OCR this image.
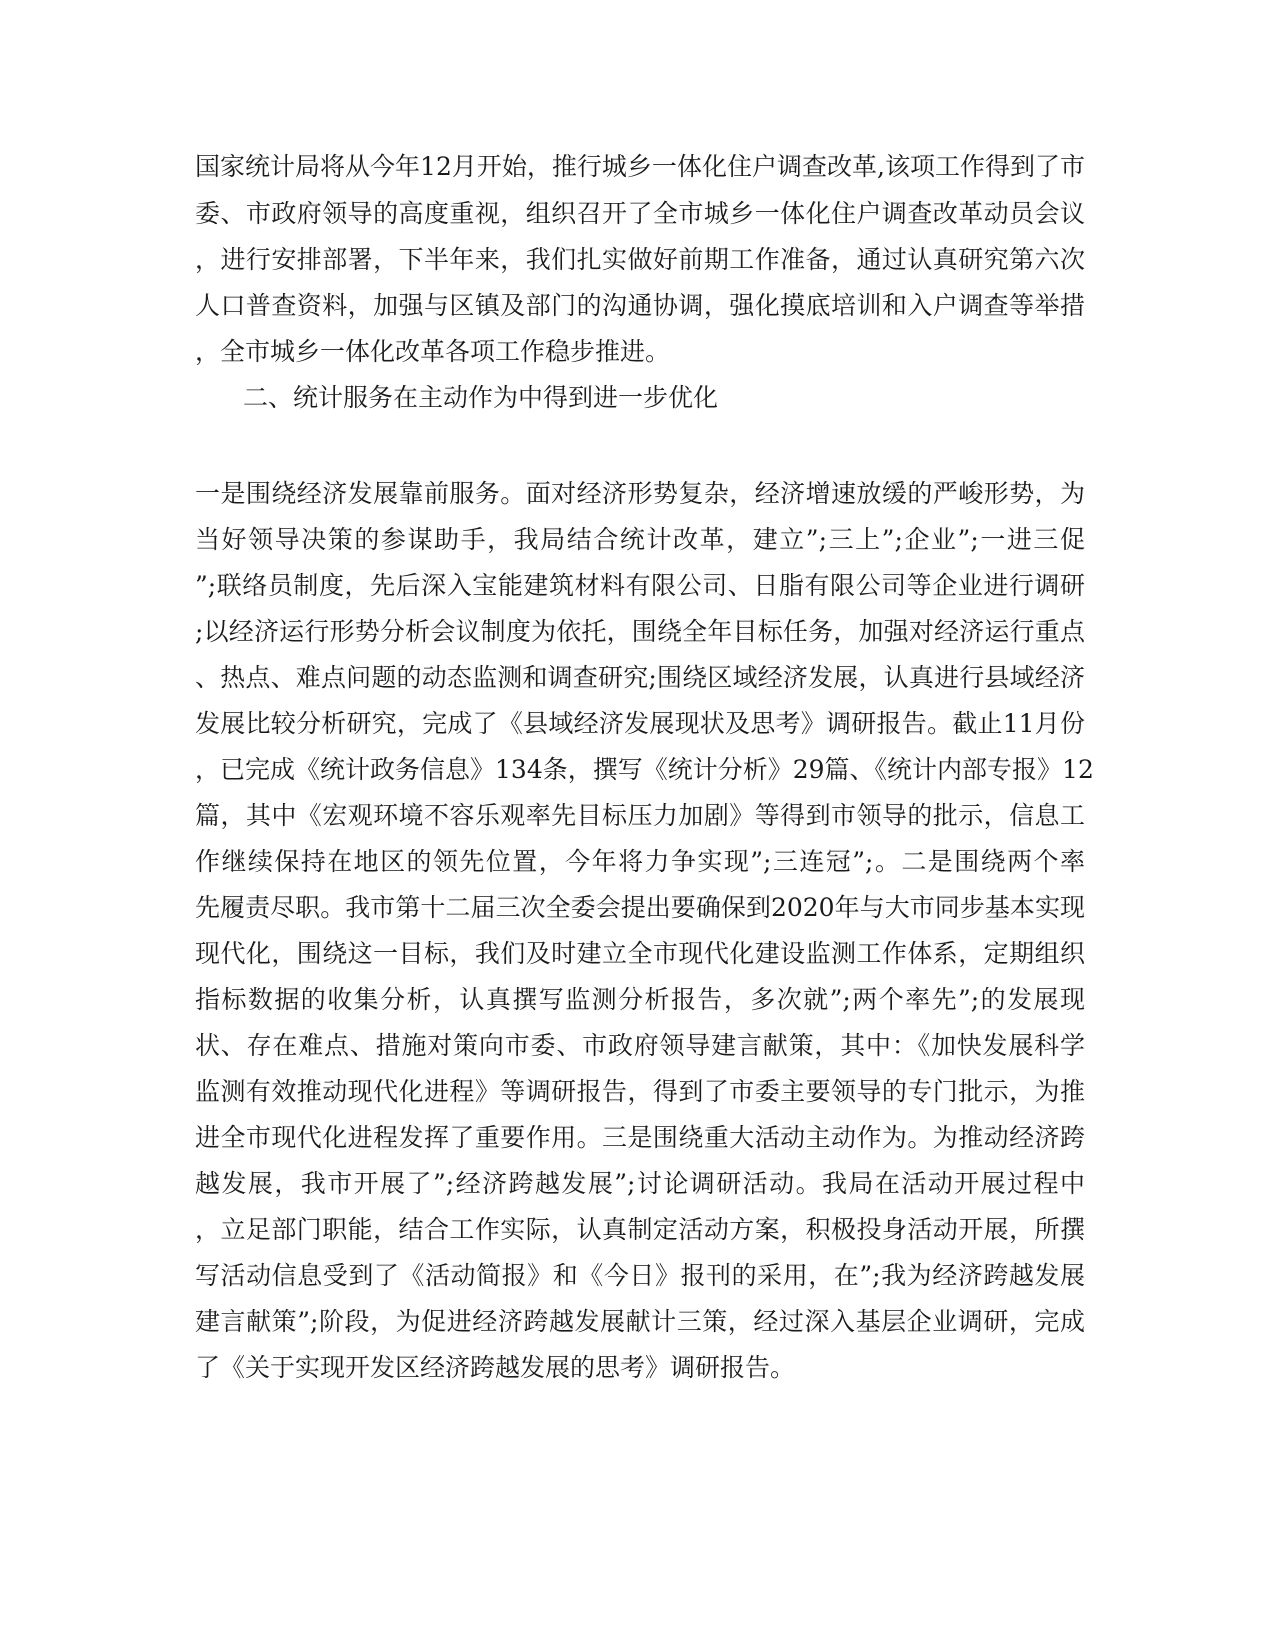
国家统计局将从今年12月开始，推行城乡一体化住户调查改革,该项工作得到了市
委、市政府领导的高度重视，组织召开了全市城乡一体化住户调查改革动员会议
，进行安排部署，下半年来，我们扎实做好前期工作准备，通过认真研究第六次
人口普查资料，加强与区镇及部门的沟通协调，强化摸底培训和入户调查等举措
，全市城乡一体化改革各项工作稳步推进。
二、统计服务在主动作为中得到进一步优化
一是围绕经济发展靠前服务。面对经济形势复杂，经济增速放缓的严峻形势，为
当好领导决策的参谋助手，我局结合统计改革，建立”;三上”;企业”;一进三促
”;联络员制度，先后深入宝能建筑材料有限公司、日脂有限公司等企业进行调研
;以经济运行形势分析会议制度为依托，围绕全年目标任务，加强对经济运行重点
、热点、难点问题的动态监测和调查研究;围绕区域经济发展，认真进行县域经济
发展比较分析研究，完成了《县域经济发展现状及思考》调研报告。截止11月份
，已完成《统计政务信息》134条，撰写《统计分析》29篇、《统计内部专报》12
篇，其中《宏观环境不容乐观率先目标压力加剧》等得到市领导的批示，信息工
作继续保持在地区的领先位置，今年将力争实现”;三连冠”;。二是围绕两个率
先履责尽职。我市第十二届三次全委会提出要确保到2020年与大市同步基本实现
现代化，围绕这一目标，我们及时建立全市现代化建设监测工作体系，定期组织
指标数据的收集分析，认真撰写监测分析报告，多次就”;两个率先”;的发展现
状、存在难点、措施对策向市委、市政府领导建言献策，其中：《加快发展科学
监测有效推动现代化进程》等调研报告，得到了市委主要领导的专门批示，为推
进全市现代化进程发挥了重要作用。三是围绕重大活动主动作为。为推动经济跨
越发展，我市开展了”;经济跨越发展”;讨论调研活动。我局在活动开展过程中
，立足部门职能，结合工作实际，认真制定活动方案，积极投身活动开展，所撰
写活动信息受到了《活动简报》和《今日》报刊的采用，在”;我为经济跨越发展
建言献策”;阶段，为促进经济跨越发展献计三策，经过深入基层企业调研，完成
了《关于实现开发区经济跨越发展的思考》调研报告。
